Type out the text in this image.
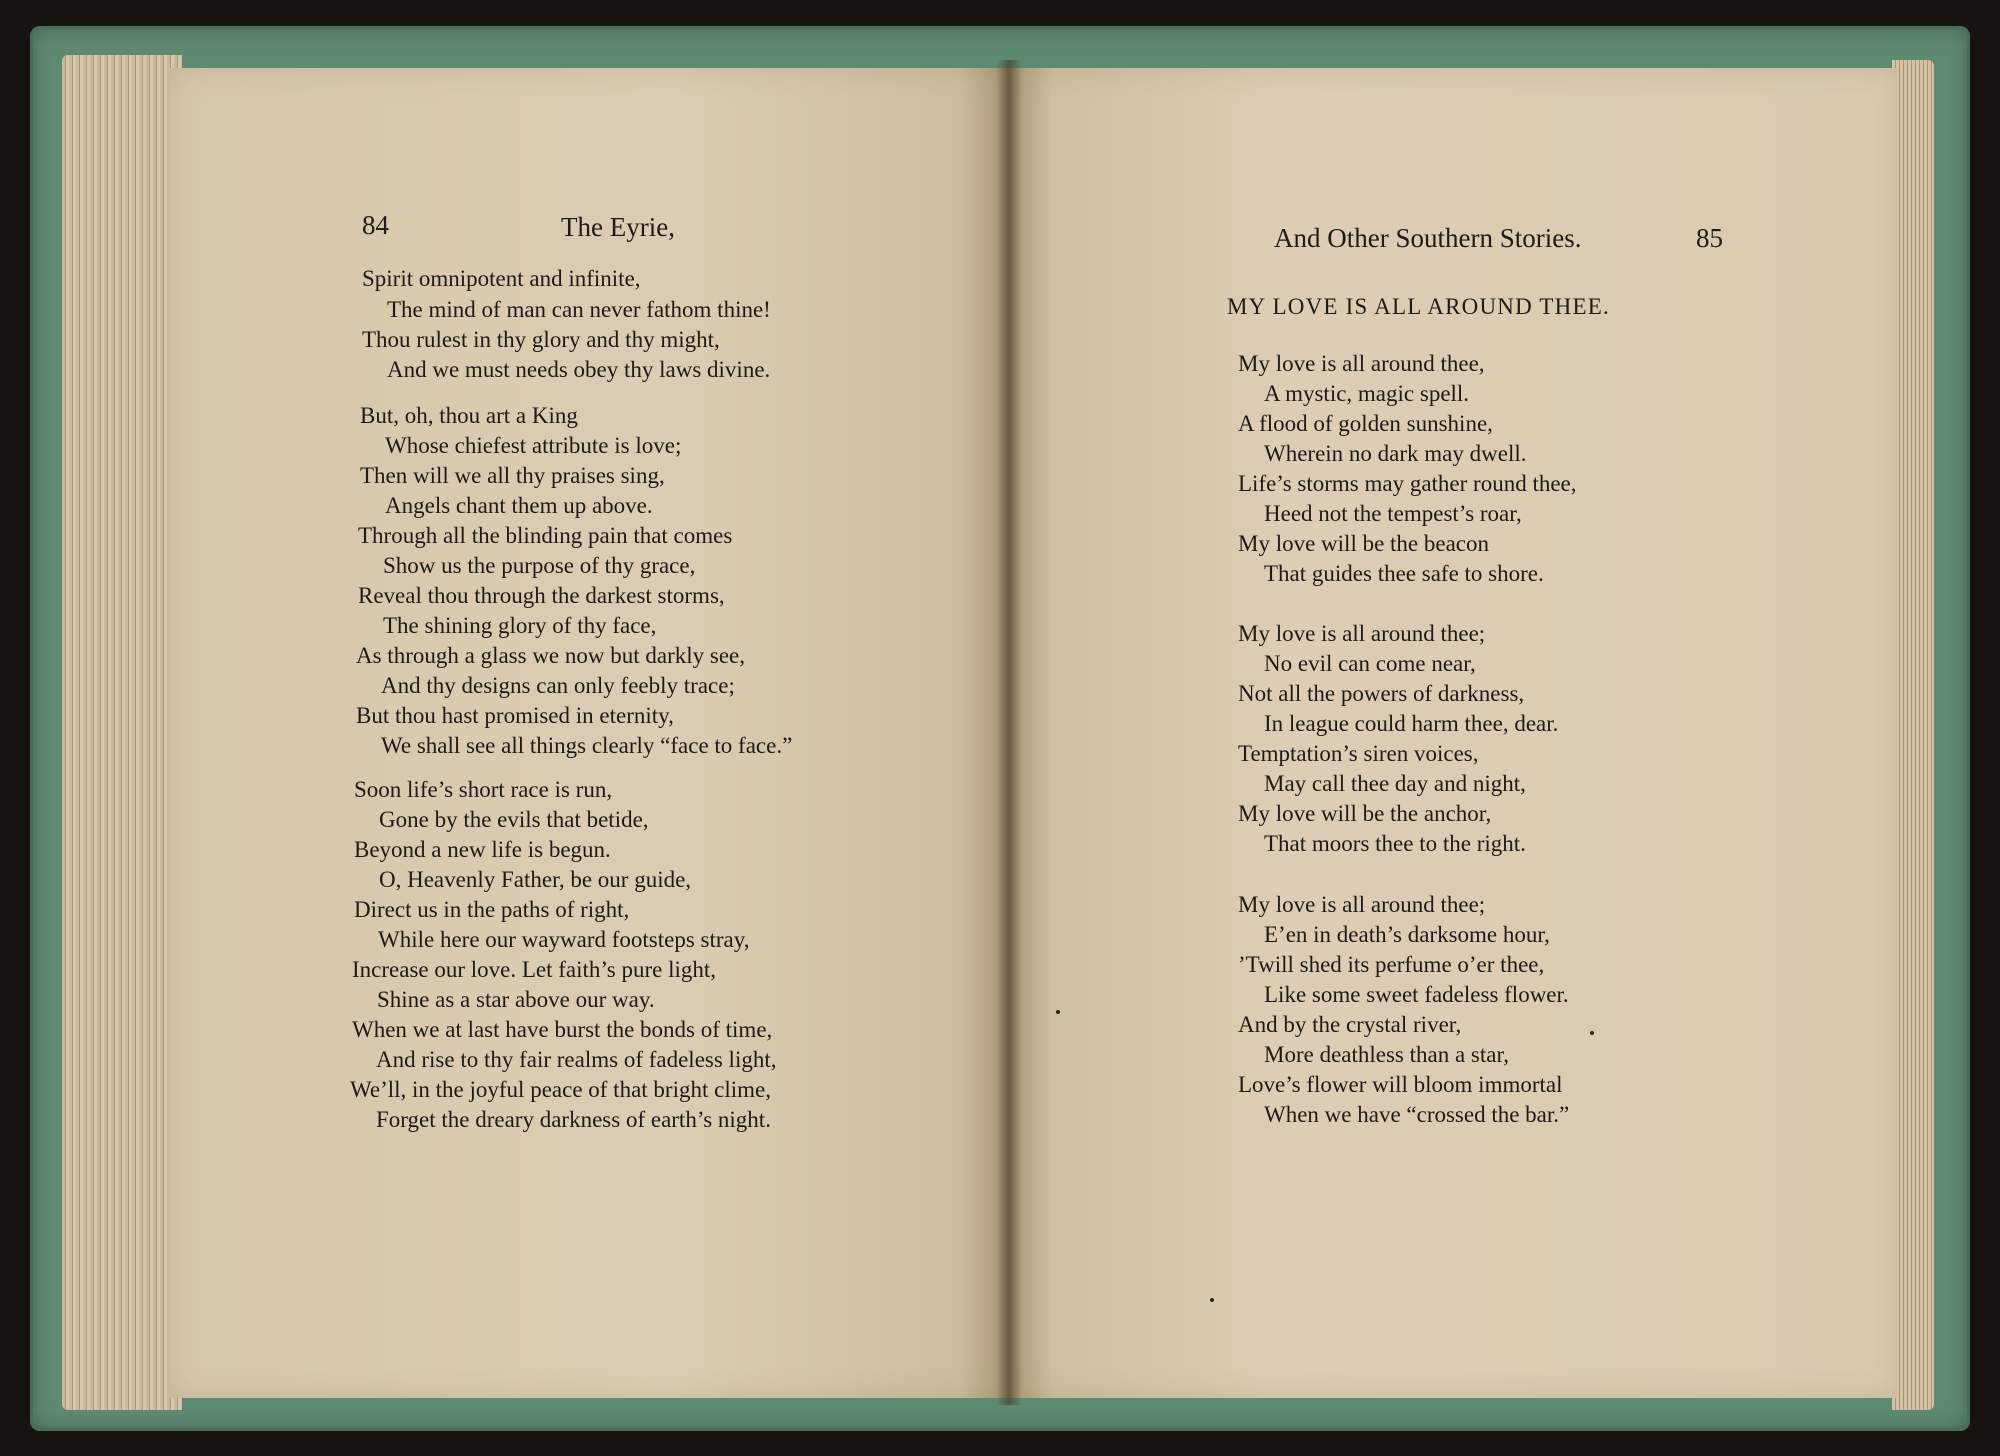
84	The Eyrie,
Spirit omnipotent and infinite,
The mind of man can never fathom thine!
Thou rulest in thy glory and thy might,
And we must needs obey thy laws divine.
But, oh, thou art a King
Whose chiefest attribute is love;
Then will we all thy praises sing,
Angels chant them up above.
Through all the blinding pain that comes
Show us the purpose of thy grace,
Reveal thou through the darkest storms,
The shining glory of thy face,
As through a glass we now but darkly see,
And thy designs can only feebly trace;
But thou hast promised in eternity,
We shall see all things clearly “face to face.”
Soon life’s short race is run,
Gone by the evils that betide,
Beyond a new life is begun.
O, Heavenly Father, be our guide,
Direct us in the paths of right,
While here our wayward footsteps stray,
Increase our love. Let faith’s pure light,
Shine as a star above our way.
When we at last have burst the bonds of time,
And rise to thy fair realms of fadeless light,
We’ll, in the joyful peace of that bright clime,
Forget the dreary darkness of earth’s night.
And Other Southern Stories.	85
MY LOVE IS ALL AROUND THEE.
My love is all around thee,
A mystic, magic spell.
A flood of golden sunshine,
Wherein no dark may dwell.
Life’s storms may gather round thee,
Heed not the tempest’s roar,
My love will be the beacon
That guides thee safe to shore.
My love is all around thee;
No evil can come near,
Not all the powers of darkness,
In league could harm thee, dear.
Temptation’s siren voices,
May call thee day and night,
My love will be the anchor,
That moors thee to the right.
My love is all around thee;
E’en in death’s darksome hour,
’Twill shed its perfume o’er thee,
Like some sweet fadeless flower.
And by the crystal river,
More deathless than a star,
Love’s flower will bloom immortal
When we have “crossed the bar.”
